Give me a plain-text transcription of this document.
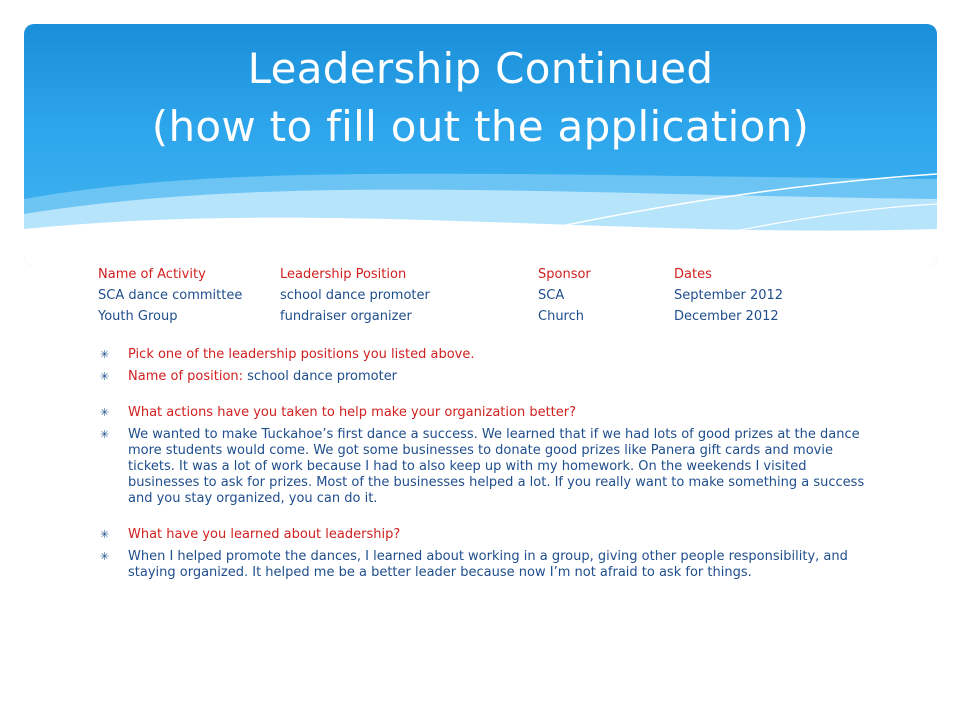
Leadership Continued
(how to fill out the application)
Name of Activity	Leadership Position	Sponsor	Dates
SCA dance committee	school dance promoter	SCA	September 2012
Youth Group	fundraiser organizer	Church	December 2012
✳ Pick one of the leadership positions you listed above.
✳ Name of position: school dance promoter
✳ What actions have you taken to help make your organization better?
✳ We wanted to make Tuckahoe’s first dance a success. We learned that if we had lots of good prizes at the dance more students would come. We got some businesses to donate good prizes like Panera gift cards and movie tickets. It was a lot of work because I had to also keep up with my homework. On the weekends I visited businesses to ask for prizes. Most of the businesses helped a lot. If you really want to make something a success and you stay organized, you can do it.
✳ What have you learned about leadership?
✳ When I helped promote the dances, I learned about working in a group, giving other people responsibility, and staying organized. It helped me be a better leader because now I’m not afraid to ask for things.
